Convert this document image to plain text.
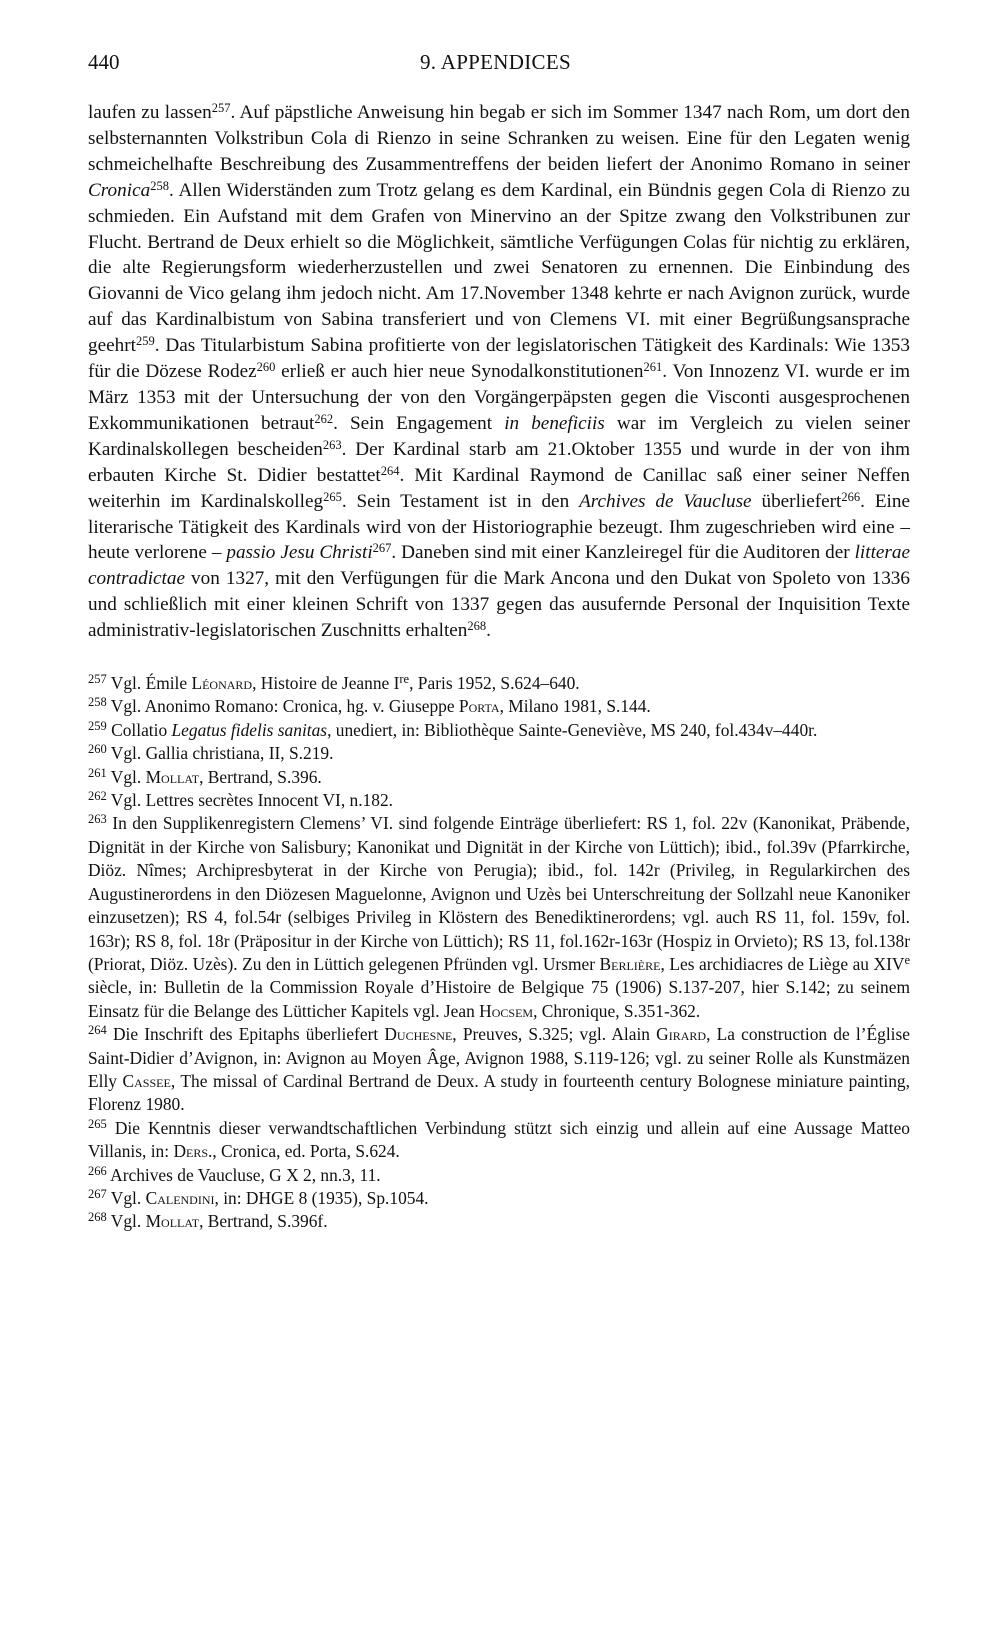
440	9. APPENDICES

laufen zu lassen$^{257}$. Auf päpstliche Anweisung hin begab er sich im Sommer 1347 nach Rom, um dort den selbsternannten Volkstribun Cola di Rienzo in seine Schranken zu weisen. Eine für den Legaten wenig schmeichelhafte Beschreibung des Zusammentreffens der beiden liefert der Anonimo Romano in seiner Cronica$^{258}$. Allen Widerständen zum Trotz gelang es dem Kardinal, ein Bündnis gegen Cola di Rienzo zu schmieden. Ein Aufstand mit dem Grafen von Minervino an der Spitze zwang den Volkstribunen zur Flucht. Bertrand de Deux erhielt so die Möglichkeit, sämtliche Verfügungen Colas für nichtig zu erklären, die alte Regierungsform wiederherzustellen und zwei Senatoren zu ernennen. Die Einbindung des Giovanni de Vico gelang ihm jedoch nicht. Am 17.November 1348 kehrte er nach Avignon zurück, wurde auf das Kardinalbistum von Sabina transferiert und von Clemens VI. mit einer Begrüßungsansprache geehrt$^{259}$. Das Titularbistum Sabina profitierte von der legislatorischen Tätigkeit des Kardinals: Wie 1353 für die Dözese Rodez$^{260}$ erließ er auch hier neue Synodalkonstitutionen$^{261}$. Von Innozenz VI. wurde er im März 1353 mit der Untersuchung der von den Vorgängerpäpsten gegen die Visconti ausgesprochenen Exkommunikationen betraut$^{262}$. Sein Engagement in beneficiis war im Vergleich zu vielen seiner Kardinalskollegen bescheiden$^{263}$. Der Kardinal starb am 21.Oktober 1355 und wurde in der von ihm erbauten Kirche St. Didier bestattet$^{264}$. Mit Kardinal Raymond de Canillac saß einer seiner Neffen weiterhin im Kardinalskolleg$^{265}$. Sein Testament ist in den Archives de Vaucluse überliefert$^{266}$. Eine literarische Tätigkeit des Kardinals wird von der Historiographie bezeugt. Ihm zugeschrieben wird eine – heute verlorene – passio Jesu Christi$^{267}$. Daneben sind mit einer Kanzleiregel für die Auditoren der litterae contradictae von 1327, mit den Verfügungen für die Mark Ancona und den Dukat von Spoleto von 1336 und schließlich mit einer kleinen Schrift von 1337 gegen das ausufernde Personal der Inquisition Texte administrativ-legislatorischen Zuschnitts erhalten$^{268}$.

$^{257}$ Vgl. Émile Léonard, Histoire de Jeanne Ire, Paris 1952, S.624–640.

$^{258}$ Vgl. Anonimo Romano: Cronica, hg. v. Giuseppe Porta, Milano 1981, S.144.

$^{259}$ Collatio Legatus fidelis sanitas, unediert, in: Bibliothèque Sainte-Geneviève, MS 240, fol.434v–440r.

$^{260}$ Vgl. Gallia christiana, II, S.219.

$^{261}$ Vgl. Mollat, Bertrand, S.396.

$^{262}$ Vgl. Lettres secrètes Innocent VI, n.182.

$^{263}$ In den Supplikenregistern Clemens’ VI. sind folgende Einträge überliefert: RS 1, fol. 22v (Kanonikat, Präbende, Dignität in der Kirche von Salisbury; Kanonikat und Dignität in der Kirche von Lüttich); ibid., fol.39v (Pfarrkirche, Diöz. Nîmes; Archipresbyterat in der Kirche von Perugia); ibid., fol. 142r (Privileg, in Regularkirchen des Augustinerordens in den Diözesen Maguelonne, Avignon und Uzès bei Unterschreitung der Sollzahl neue Kanoniker einzusetzen); RS 4, fol.54r (selbiges Privileg in Klöstern des Benediktinerordens; vgl. auch RS 11, fol. 159v, fol. 163r); RS 8, fol. 18r (Präpositur in der Kirche von Lüttich); RS 11, fol.162r-163r (Hospiz in Orvieto); RS 13, fol.138r (Priorat, Diöz. Uzès). Zu den in Lüttich gelegenen Pfründen vgl. Ursmer Berlière, Les archidiacres de Liège au XIVe siècle, in: Bulletin de la Commission Royale d’Histoire de Belgique 75 (1906) S.137-207, hier S.142; zu seinem Einsatz für die Belange des Lütticher Kapitels vgl. Jean Hocsem, Chronique, S.351-362.

$^{264}$ Die Inschrift des Epitaphs überliefert Duchesne, Preuves, S.325; vgl. Alain Girard, La construction de l’Église Saint-Didier d’Avignon, in: Avignon au Moyen Âge, Avignon 1988, S.119-126; vgl. zu seiner Rolle als Kunstmäzen Elly Cassee, The missal of Cardinal Bertrand de Deux. A study in fourteenth century Bolognese miniature painting, Florenz 1980.

$^{265}$ Die Kenntnis dieser verwandtschaftlichen Verbindung stützt sich einzig und allein auf eine Aussage Matteo Villanis, in: Ders., Cronica, ed. Porta, S.624.

$^{266}$ Archives de Vaucluse, G X 2, nn.3, 11.

$^{267}$ Vgl. Calendini, in: DHGE 8 (1935), Sp.1054.

$^{268}$ Vgl. Mollat, Bertrand, S.396f.
